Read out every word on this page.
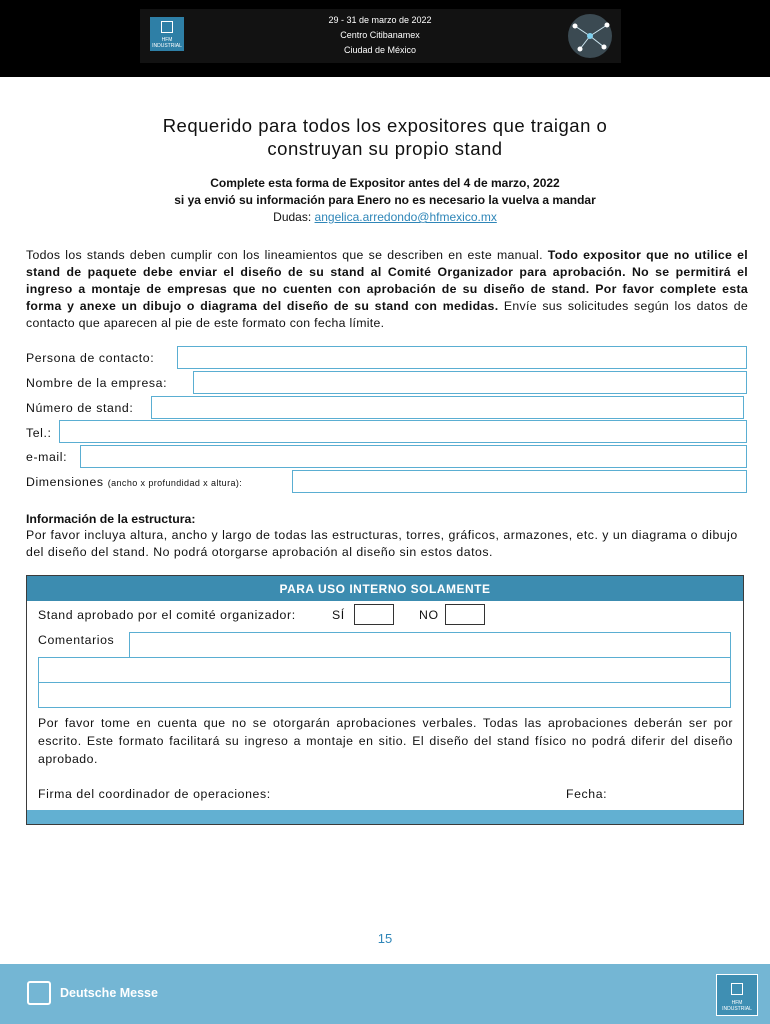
HFM INDUSTRIAL
29 - 31 de marzo de 2022
Centro Citibanamex
Ciudad de México
Requerido para todos los expositores que traigan o construyan su propio stand
Complete esta forma de Expositor antes del 4 de marzo, 2022
si ya envió su información para Enero no es necesario la vuelva a mandar
Dudas: angelica.arredondo@hfmexico.mx
Todos los stands deben cumplir con los lineamientos que se describen en este manual. Todo expositor que no utilice el stand de paquete debe enviar el diseño de su stand al Comité Organizador para aprobación. No se permitirá el ingreso a montaje de empresas que no cuenten con aprobación de su diseño de stand. Por favor complete esta forma y anexe un dibujo o diagrama del diseño de su stand con medidas. Envíe sus solicitudes según los datos de contacto que aparecen al pie de este formato con fecha límite.
Persona de contacto:
Nombre de la empresa:
Número de stand:
Tel.:
e-mail:
Dimensiones (ancho x profundidad x altura):
Información de la estructura:
Por favor incluya altura, ancho y largo de todas las estructuras, torres, gráficos, armazones, etc. y un diagrama o dibujo del diseño del stand. No podrá otorgarse aprobación al diseño sin estos datos.
PARA USO INTERNO SOLAMENTE
Stand aprobado por el comité organizador:	SÍ	NO
Comentarios
Por favor tome en cuenta que no se otorgarán aprobaciones verbales. Todas las aprobaciones deberán ser por escrito. Este formato facilitará su ingreso a montaje en sitio. El diseño del stand físico no podrá diferir del diseño aprobado.
Firma del coordinador de operaciones:	Fecha:
15
Deutsche Messe
HFM INDUSTRIAL
